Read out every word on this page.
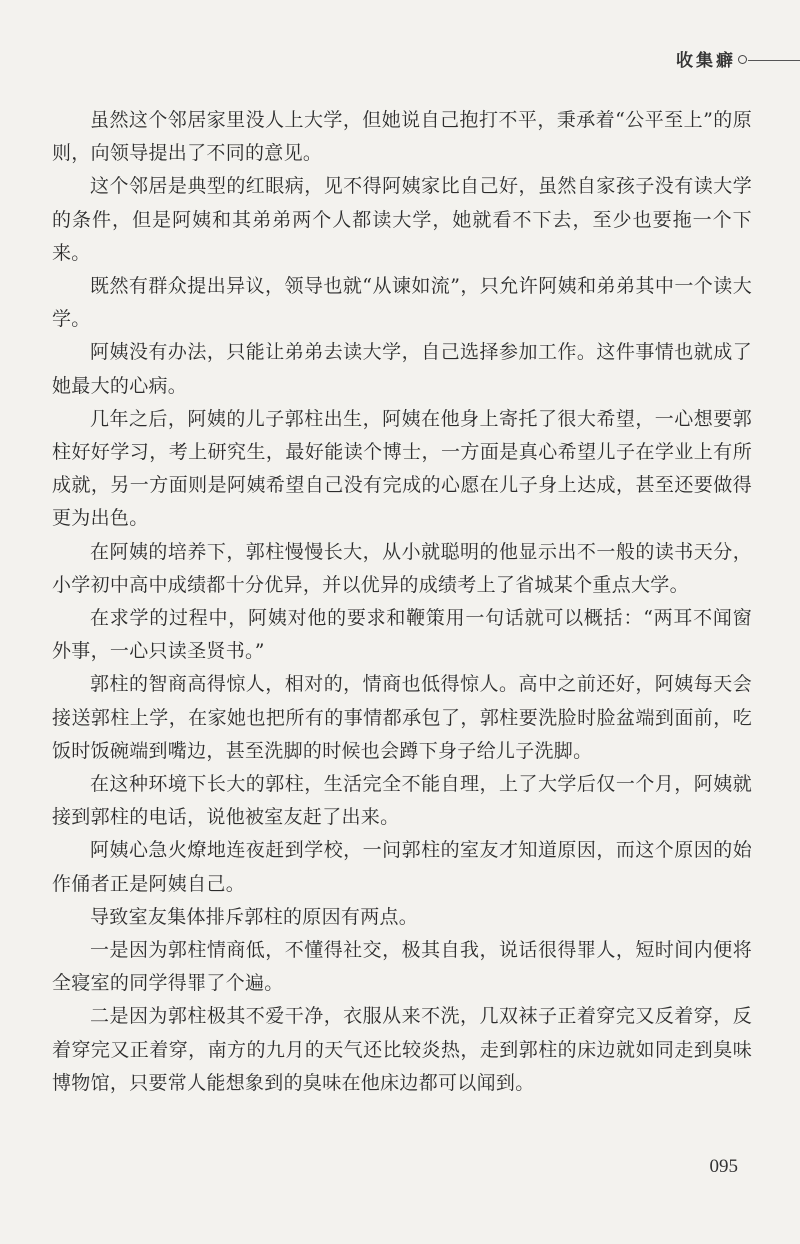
收集癖

虽然这个邻居家里没人上大学，但她说自己抱打不平，秉承着“公平至上”的原则，向领导提出了不同的意见。

这个邻居是典型的红眼病，见不得阿姨家比自己好，虽然自家孩子没有读大学的条件，但是阿姨和其弟弟两个人都读大学，她就看不下去，至少也要拖一个下来。

既然有群众提出异议，领导也就“从谏如流”，只允许阿姨和弟弟其中一个读大学。

阿姨没有办法，只能让弟弟去读大学，自己选择参加工作。这件事情也就成了她最大的心病。

几年之后，阿姨的儿子郭柱出生，阿姨在他身上寄托了很大希望，一心想要郭柱好好学习，考上研究生，最好能读个博士，一方面是真心希望儿子在学业上有所成就，另一方面则是阿姨希望自己没有完成的心愿在儿子身上达成，甚至还要做得更为出色。

在阿姨的培养下，郭柱慢慢长大，从小就聪明的他显示出不一般的读书天分，小学初中高中成绩都十分优异，并以优异的成绩考上了省城某个重点大学。

在求学的过程中，阿姨对他的要求和鞭策用一句话就可以概括：“两耳不闻窗外事，一心只读圣贤书。”

郭柱的智商高得惊人，相对的，情商也低得惊人。高中之前还好，阿姨每天会接送郭柱上学，在家她也把所有的事情都承包了，郭柱要洗脸时脸盆端到面前，吃饭时饭碗端到嘴边，甚至洗脚的时候也会蹲下身子给儿子洗脚。

在这种环境下长大的郭柱，生活完全不能自理，上了大学后仅一个月，阿姨就接到郭柱的电话，说他被室友赶了出来。

阿姨心急火燎地连夜赶到学校，一问郭柱的室友才知道原因，而这个原因的始作俑者正是阿姨自己。

导致室友集体排斥郭柱的原因有两点。

一是因为郭柱情商低，不懂得社交，极其自我，说话很得罪人，短时间内便将全寝室的同学得罪了个遍。

二是因为郭柱极其不爱干净，衣服从来不洗，几双袜子正着穿完又反着穿，反着穿完又正着穿，南方的九月的天气还比较炎热，走到郭柱的床边就如同走到臭味博物馆，只要常人能想象到的臭味在他床边都可以闻到。

095
